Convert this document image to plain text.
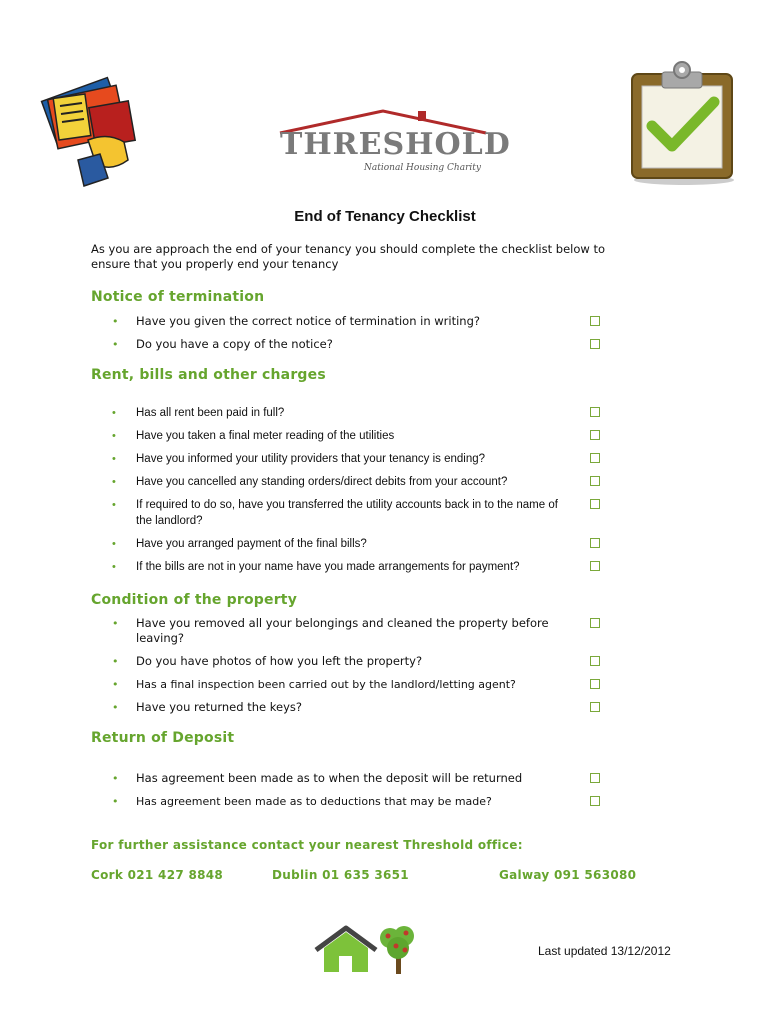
THRESHOLD
National Housing Charity
End of Tenancy Checklist
As you are approach the end of your tenancy you should complete the checklist below to ensure that you properly end your tenancy
Notice of termination
• Have you given the correct notice of termination in writing?
• Do you have a copy of the notice?
Rent, bills and other charges
• Has all rent been paid in full?
• Have you taken a final meter reading of the utilities
• Have you informed your utility providers that your tenancy is ending?
• Have you cancelled any standing orders/direct debits from your account?
• If required to do so, have you transferred the utility accounts back in to the name of the landlord?
• Have you arranged payment of the final bills?
• If the bills are not in your name have you made arrangements for payment?
Condition of the property
• Have you removed all your belongings and cleaned the property before leaving?
• Do you have photos of how you left the property?
• Has a final inspection been carried out by the landlord/letting agent?
• Have you returned the keys?
Return of Deposit
• Has agreement been made as to when the deposit will be returned
• Has agreement been made as to deductions that may be made?
For further assistance contact your nearest Threshold office:
Cork 021 427 8848	Dublin 01 635 3651	Galway 091 563080
Last updated 13/12/2012
